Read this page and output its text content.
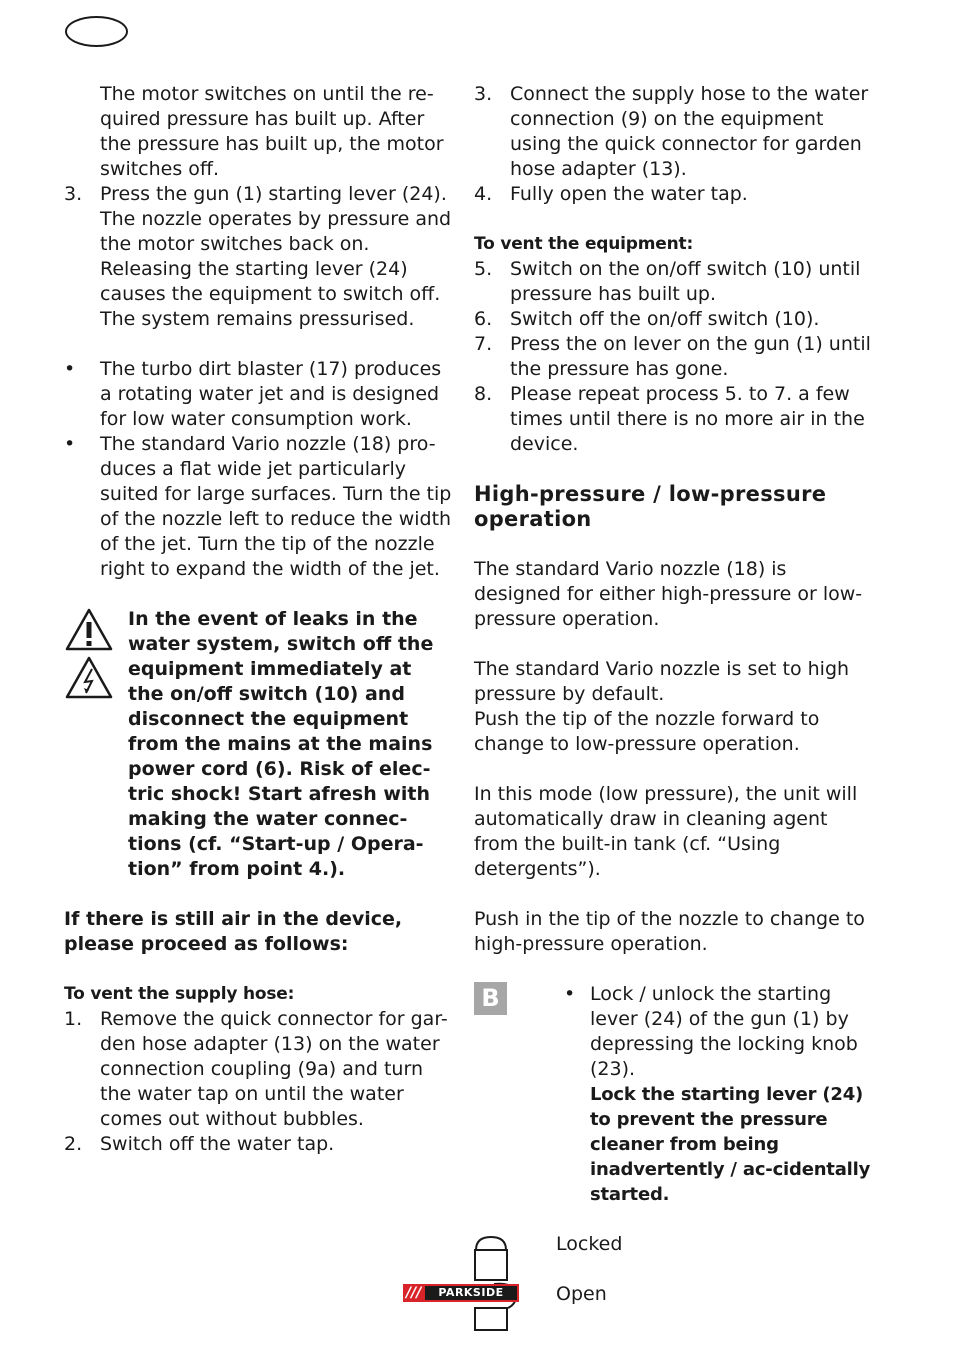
The motor switches on until the re-quired pressure has built up. After the pressure has built up, the motor switches off.

3. Press the gun (1) starting lever (24). The nozzle operates by pressure and the motor switches back on. Releasing the starting lever (24) causes the equipment to switch off. The system remains pressurised.
• The turbo dirt blaster (17) produces a rotating water jet and is designed for low water consumption work.
• The standard Vario nozzle (18) pro-duces a flat wide jet particularly suited for large surfaces. Turn the tip of the nozzle left to reduce the width of the jet. Turn the tip of the nozzle right to expand the width of the jet.
In the event of leaks in the water system, switch off the equipment immediately at the on/off switch (10) and disconnect the equipment from the mains at the mains power cord (6). Risk of elec-tric shock! Start afresh with making the water connec-tions (cf. “Start-up / Opera-tion” from point 4.).

If there is still air in the device, please proceed as follows:

To vent the supply hose:

1. Remove the quick connector for gar-den hose adapter (13) on the water connection coupling (9a) and turn the water tap on until the water comes out without bubbles.
2. Switch off the water tap.
3. Connect the supply hose to the water connection (9) on the equipment using the quick connector for garden hose adapter (13).
4. Fully open the water tap.

To vent the equipment:

5. Switch on the on/off switch (10) until pressure has built up.
6. Switch off the on/off switch (10).
7. Press the on lever on the gun (1) until the pressure has gone.
8. Please repeat process 5. to 7. a few times until there is no more air in the device.

High-pressure / low-pressure operation

The standard Vario nozzle (18) is designed for either high-pressure or low-pressure operation.

The standard Vario nozzle is set to high pressure by default.

Push the tip of the nozzle forward to change to low-pressure operation.

In this mode (low pressure), the unit will automatically draw in cleaning agent from the built-in tank (cf. “Using detergents”).

Push in the tip of the nozzle to change to high-pressure operation.

B	• Lock / unlock the starting lever (24) of the gun (1) by depressing the locking knob (23).
Lock the starting lever (24) to prevent the pressure cleaner from being inadvertently / ac-cidentally started.
Locked
Open
///	PARKSIDE
